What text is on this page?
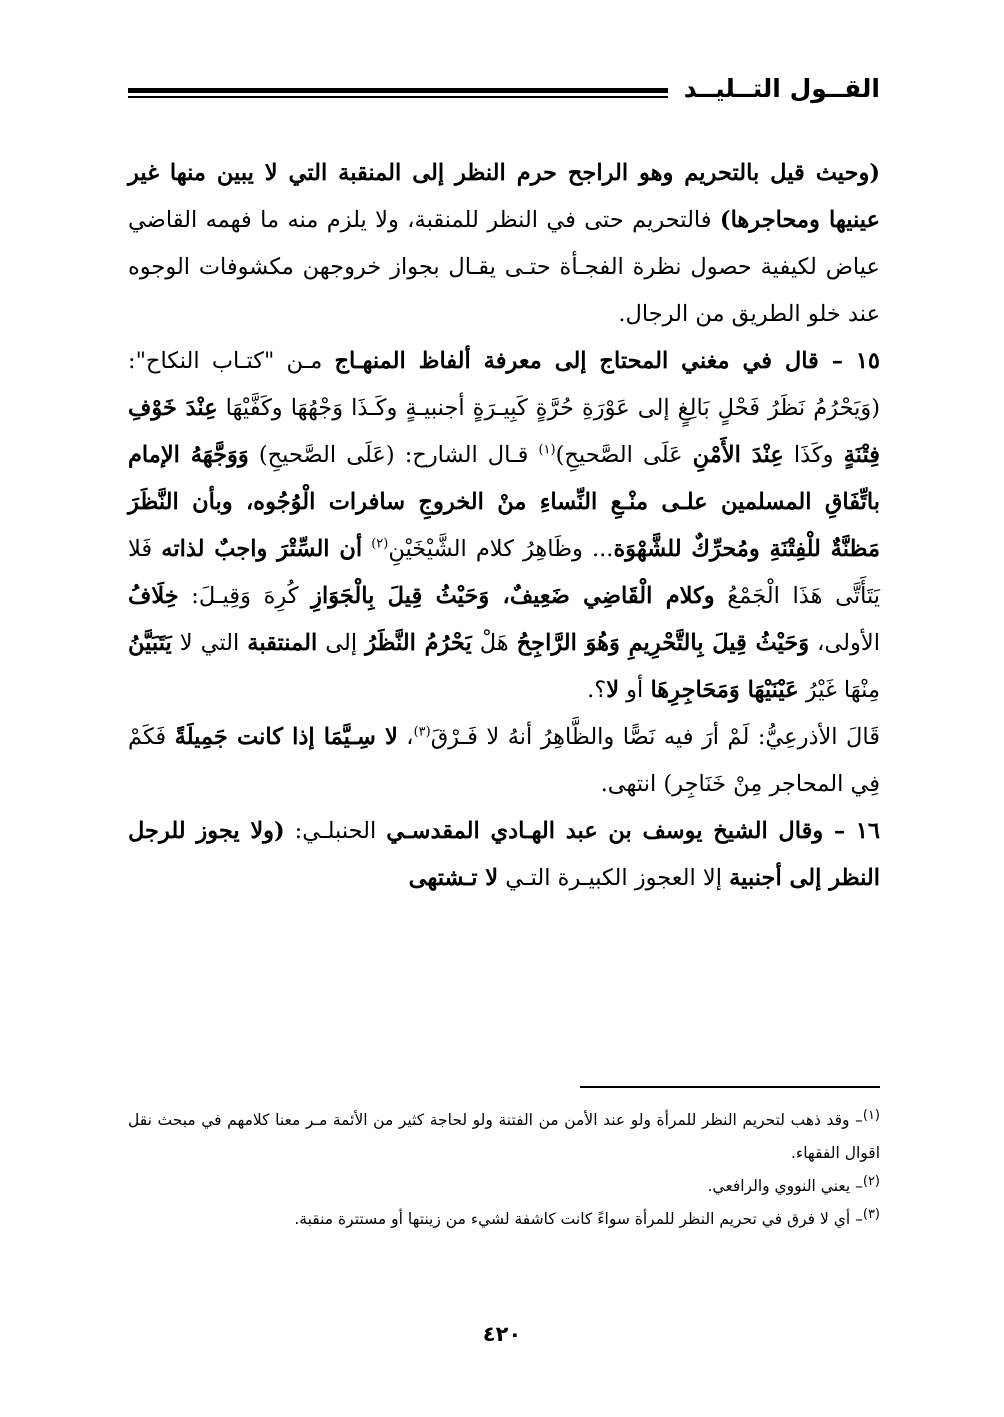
القــول التــليــد

(وحيث قيل بالتحريم وهو الراجح حرم النظر إلى المنقبة التي لا يبين منها غير عينيها ومحاجرها) فالتحريم حتى في النظر للمنقبة، ولا يلزم منه ما فهمه القاضي عياض لكيفية حصول نظرة الفجـأة حتـى يقـال بجواز خروجهن مكشوفات الوجوه عند خلو الطريق من الرجال.

١٥ – قال في مغني المحتاج إلى معرفة ألفاظ المنهـاج مـن "كتـاب النكاح": (وَيَحْرُمُ نَظَرُ فَحْلٍ بَالِغٍ إلى عَوْرَةِ حُرَّةٍ كَبِيـرَةٍ أجنبيـةٍ وكَـذَا وَجْهُهَا وكَفَّيْهَا عِنْدَ خَوْفِ فِتْنَةٍ وكَذَا عِنْدَ الأَمْنِ عَلَى الصَّحيحِ)$^{(١)}$ قـال الشارح: (عَلَى الصَّحيحِ) وَوَجَّهَهُ الإمام باتِّفَاقِ المسلمين علـى منْـعِ النِّساءِ منْ الخروجِ سافرات الْوُجُوه، وبأن النَّظَرَ مَظنَّةٌ للْفِتْنَةِ ومُحرِّكٌ للشَّهْوَة... وظَاهِرُ كلام الشَّيْخَيْنِ$^{(٢)}$ أن السِّتْرَ واجبٌ لذاته فَلا يَتَأَتَّى هَذَا الْجَمْعُ وكلام الْقَاضِي ضَعِيفٌ، وَحَيْثُ قِيلَ بِالْجَوَازِ كُرِهَ وَقِيـلَ: خِلَافُ الأولى، وَحَيْثُ قِيلَ بِالتَّحْرِيمِ وَهُوَ الرَّاجِحُ هَلْ يَحْرُمُ النَّظَرُ إلى المنتقبة التي لا يَتَبَيَّنُ مِنْهَا غَيْرُ عَيْنَيْهَا وَمَحَاجِرِهَا أو لا؟.

قَالَ الأذرعِيُّ: لَمْ أرَ فيه نَصًّا والظَّاهِرُ أنهُ لا فَـرْقَ$^{(٣)}$، لا سِـيَّمَا إذا كانت جَمِيلَةً فَكَمْ فِي المحاجر مِنْ خَنَاجِر) انتهى.

١٦ – وقال الشيخ يوسف بن عبد الهـادي المقدسـي الحنبلـي: (ولا يجوز للرجل النظر إلى أجنبية إلا العجوز الكبيـرة التـي لا تـشتهى

$^{(١)}$– وقد ذهب لتحريم النظر للمرأة ولو عند الأمن من الفتنة ولو لحاجة كثير من الأئمة مـر معنا كلامهم في مبحث نقل اقوال الفقهاء.

$^{(٢)}$– يعني النووي والرافعي.

$^{(٣)}$– أي لا فرق في تحريم النظر للمرأة سواءً كانت كاشفة لشيء من زينتها أو مستترة منقبة.

٤٢٠
